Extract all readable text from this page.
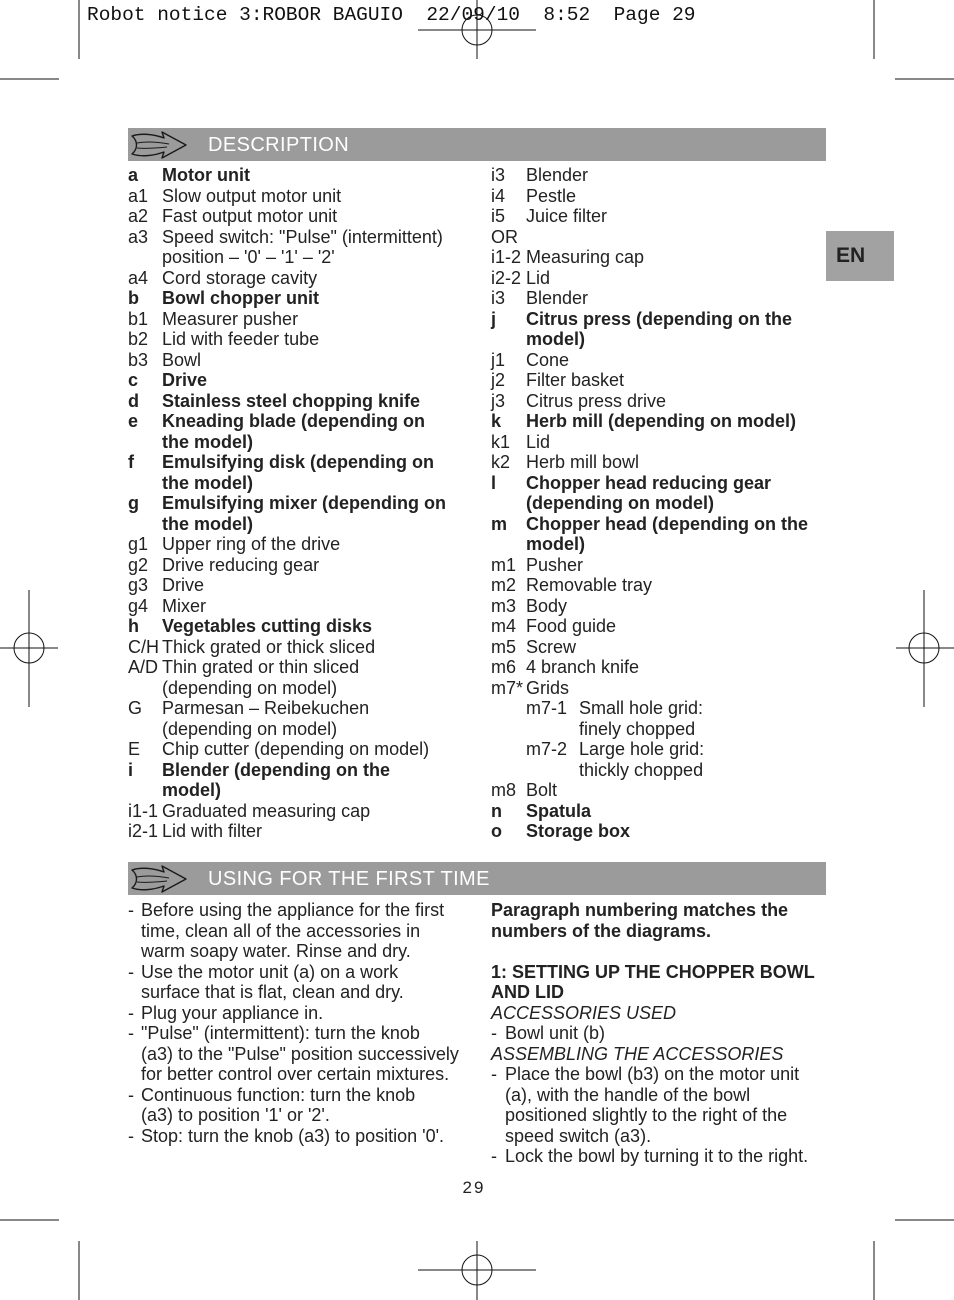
Robot notice 3:ROBOR BAGUIO  22/09/10  8:52  Page 29
DESCRIPTION
a	Motor unit
a1 Slow output motor unit
a2 Fast output motor unit
a3 Speed switch: "Pulse" (intermittent)
position – '0' – '1' – '2'
a4 Cord storage cavity
b	Bowl chopper unit
b1 Measurer pusher
b2 Lid with feeder tube
b3 Bowl
c	Drive
d	Stainless steel chopping knife
e	Kneading blade (depending on
the model)
f	Emulsifying disk (depending on
the model)
g	Emulsifying mixer (depending on
the model)
g1 Upper ring of the drive
g2 Drive reducing gear
g3 Drive
g4 Mixer
h	Vegetables cutting disks
C/H Thick grated or thick sliced
A/D Thin grated or thin sliced
(depending on model)
G	Parmesan – Reibekuchen
(depending on model)
E	Chip cutter (depending on model)
i	Blender (depending on the
model)
i1-1 Graduated measuring cap
i2-1 Lid with filter
i3	Blender
i4	Pestle
i5	Juice filter
OR
i1-2 Measuring cap
i2-2 Lid
i3	Blender
j	Citrus press (depending on the
model)
j1	Cone
j2	Filter basket
j3	Citrus press drive
k	Herb mill (depending on model)
k1 Lid
k2 Herb mill bowl
l	Chopper head reducing gear
(depending on model)
m	Chopper head (depending on the
model)
m1 Pusher
m2 Removable tray
m3 Body
m4 Food guide
m5 Screw
m6 4 branch knife
m7* Grids
m7-1 Small hole grid:
finely chopped
m7-2 Large hole grid:
thickly chopped
m8 Bolt
n	Spatula
o	Storage box
EN
USING FOR THE FIRST TIME
- Before using the appliance for the first
time, clean all of the accessories in
warm soapy water. Rinse and dry.
- Use the motor unit (a) on a work
surface that is flat, clean and dry.
- Plug your appliance in.
- "Pulse" (intermittent): turn the knob
(a3) to the "Pulse" position successively
for better control over certain mixtures.
- Continuous function: turn the knob
(a3) to position '1' or '2'.
- Stop: turn the knob (a3) to position '0'.
Paragraph numbering matches the
numbers of the diagrams.
1: SETTING UP THE CHOPPER BOWL
AND LID
ACCESSORIES USED
- Bowl unit (b)
ASSEMBLING THE ACCESSORIES
- Place the bowl (b3) on the motor unit
(a), with the handle of the bowl
positioned slightly to the right of the
speed switch (a3).
- Lock the bowl by turning it to the right.
29
